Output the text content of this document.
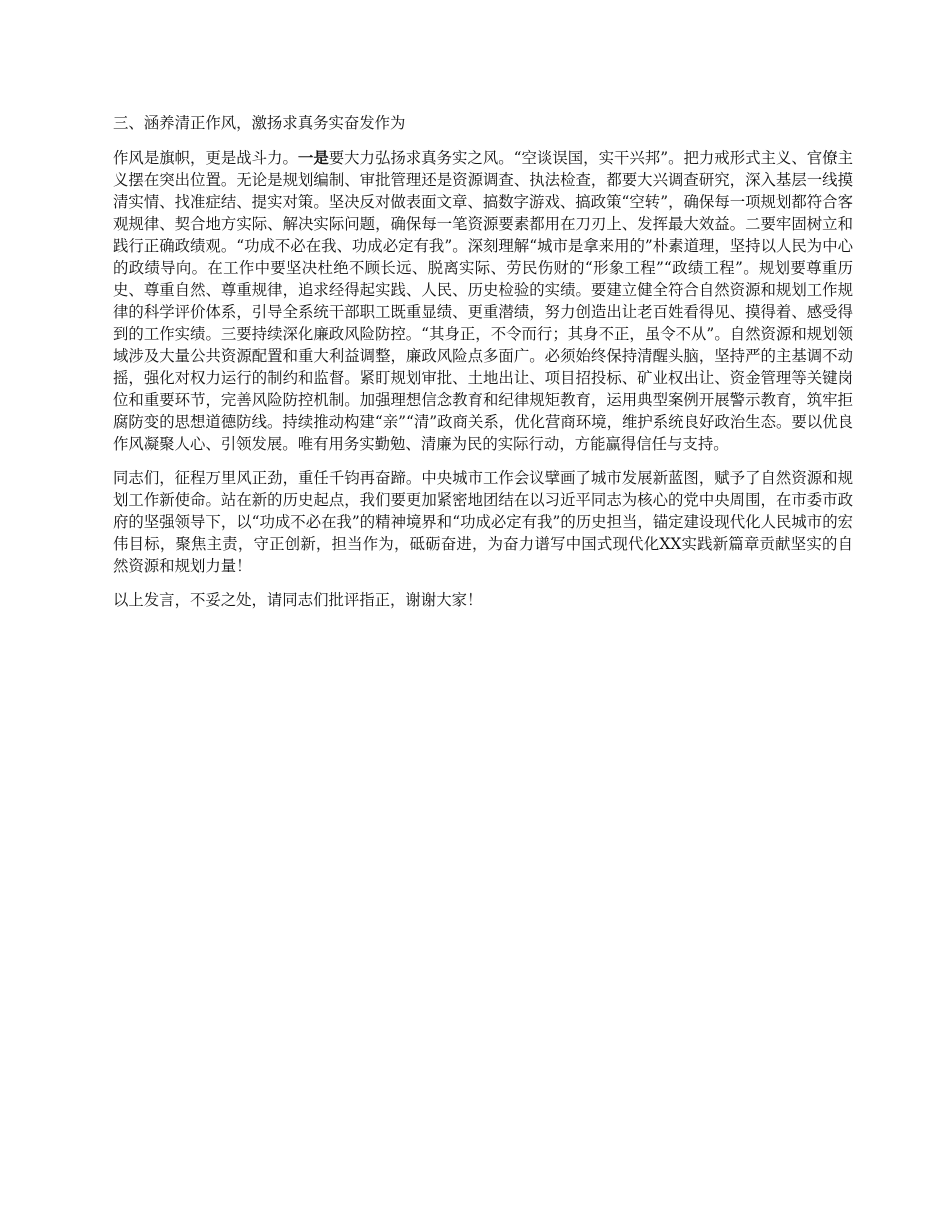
三、涵养清正作风，激扬求真务实奋发作为

作风是旗帜，更是战斗力。一是要大力弘扬求真务实之风。“空谈误国，实干兴邦”。把力戒形式主义、官僚主义摆在突出位置。无论是规划编制、审批管理还是资源调查、执法检查，都要大兴调查研究，深入基层一线摸清实情、找准症结、提实对策。坚决反对做表面文章、搞数字游戏、搞政策“空转”，确保每一项规划都符合客观规律、契合地方实际、解决实际问题，确保每一笔资源要素都用在刀刃上、发挥最大效益。二要牢固树立和践行正确政绩观。“功成不必在我、功成必定有我”。深刻理解“城市是拿来用的”朴素道理，坚持以人民为中心的政绩导向。在工作中要坚决杜绝不顾长远、脱离实际、劳民伤财的“形象工程”“政绩工程”。规划要尊重历史、尊重自然、尊重规律，追求经得起实践、人民、历史检验的实绩。要建立健全符合自然资源和规划工作规律的科学评价体系，引导全系统干部职工既重显绩、更重潜绩，努力创造出让老百姓看得见、摸得着、感受得到的工作实绩。三要持续深化廉政风险防控。“其身正，不令而行；其身不正，虽令不从”。自然资源和规划领域涉及大量公共资源配置和重大利益调整，廉政风险点多面广。必须始终保持清醒头脑，坚持严的主基调不动摇，强化对权力运行的制约和监督。紧盯规划审批、土地出让、项目招投标、矿业权出让、资金管理等关键岗位和重要环节，完善风险防控机制。加强理想信念教育和纪律规矩教育，运用典型案例开展警示教育，筑牢拒腐防变的思想道德防线。持续推动构建“亲”“清”政商关系，优化营商环境，维护系统良好政治生态。要以优良作风凝聚人心、引领发展。唯有用务实勤勉、清廉为民的实际行动，方能赢得信任与支持。

同志们，征程万里风正劲，重任千钧再奋蹄。中央城市工作会议擘画了城市发展新蓝图，赋予了自然资源和规划工作新使命。站在新的历史起点，我们要更加紧密地团结在以习近平同志为核心的党中央周围，在市委市政府的坚强领导下，以“功成不必在我”的精神境界和“功成必定有我”的历史担当，锚定建设现代化人民城市的宏伟目标，聚焦主责，守正创新，担当作为，砥砺奋进，为奋力谱写中国式现代化XX实践新篇章贡献坚实的自然资源和规划力量！

以上发言，不妥之处，请同志们批评指正，谢谢大家！
